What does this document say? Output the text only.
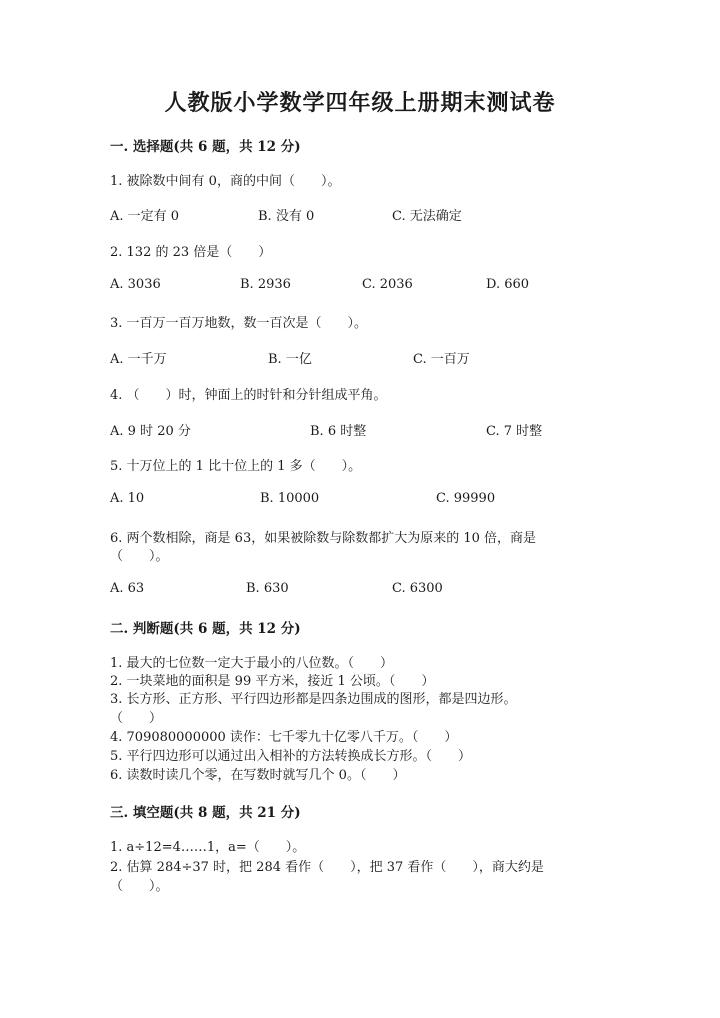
人教版小学数学四年级上册期末测试卷
一. 选择题(共 6 题，共 12 分)
1. 被除数中间有 0，商的中间（　　）。
A. 一定有 0	B. 没有 0	C. 无法确定
2. 132 的 23 倍是（　　）
A. 3036	B. 2936	C. 2036	D. 660
3. 一百万一百万地数，数一百次是（　　）。
A. 一千万	B. 一亿	C. 一百万
4. （　　）时，钟面上的时针和分针组成平角。
A. 9 时 20 分	B. 6 时整	C. 7 时整
5. 十万位上的 1 比十位上的 1 多（　　）。
A. 10	B. 10000	C. 99990
6. 两个数相除，商是 63，如果被除数与除数都扩大为原来的 10 倍，商是
（　　）。
A. 63	B. 630	C. 6300
二. 判断题(共 6 题，共 12 分)
1. 最大的七位数一定大于最小的八位数。（　　）
2. 一块菜地的面积是 99 平方米，接近 1 公顷。（　　）
3. 长方形、正方形、平行四边形都是四条边围成的图形，都是四边形。
（　　）
4. 709080000000 读作：七千零九十亿零八千万。（　　）
5. 平行四边形可以通过出入相补的方法转换成长方形。（　　）
6. 读数时读几个零，在写数时就写几个 0。（　　）
三. 填空题(共 8 题，共 21 分)
1. a÷12=4……1，a=（　　）。
2. 估算 284÷37 时，把 284 看作（　　），把 37 看作（　　），商大约是
（　　）。
